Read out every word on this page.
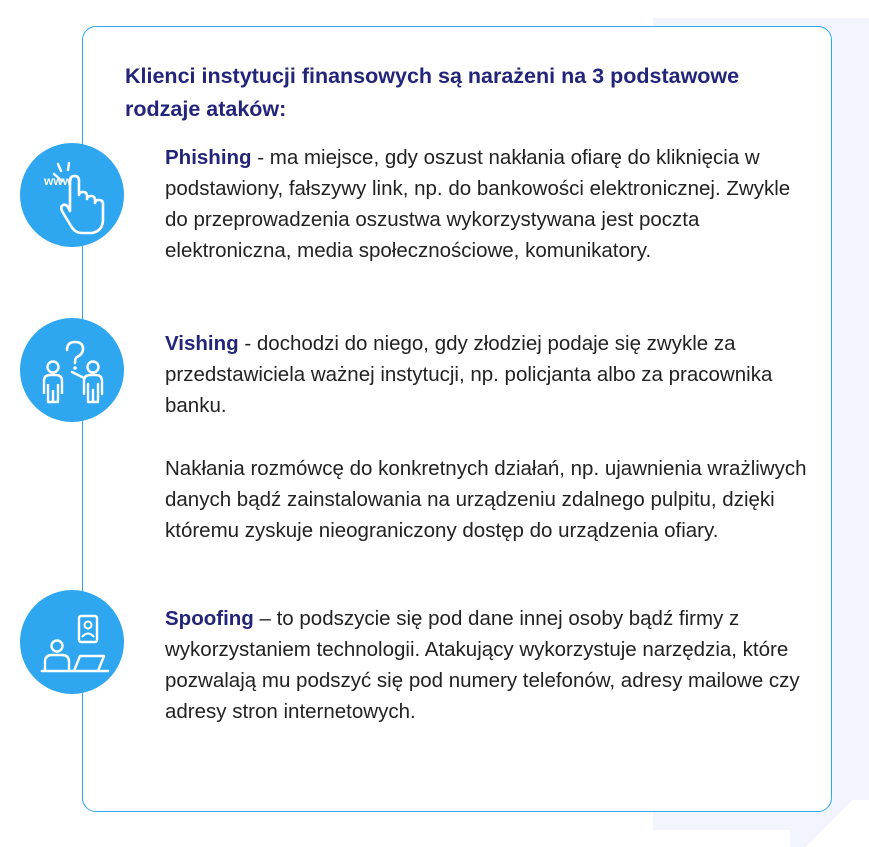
Klienci instytucji finansowych są narażeni na 3 podstawowe rodzaje ataków:
www

Phishing - ma miejsce, gdy oszust nakłania ofiarę do kliknięcia w podstawiony, fałszywy link, np. do bankowości elektronicznej. Zwykle do przeprowadzenia oszustwa wykorzystywana jest poczta elektroniczna, media społecznościowe, komunikatory.

Vishing - dochodzi do niego, gdy złodziej podaje się zwykle za przedstawiciela ważnej instytucji, np. policjanta albo za pracownika banku.

Nakłania rozmówcę do konkretnych działań, np. ujawnienia wrażliwych danych bądź zainstalowania na urządzeniu zdalnego pulpitu, dzięki któremu zyskuje nieograniczony dostęp do urządzenia ofiary.

Spoofing – to podszycie się pod dane innej osoby bądź firmy z wykorzystaniem technologii. Atakujący wykorzystuje narzędzia, które pozwalają mu podszyć się pod numery telefonów, adresy mailowe czy adresy stron internetowych.
